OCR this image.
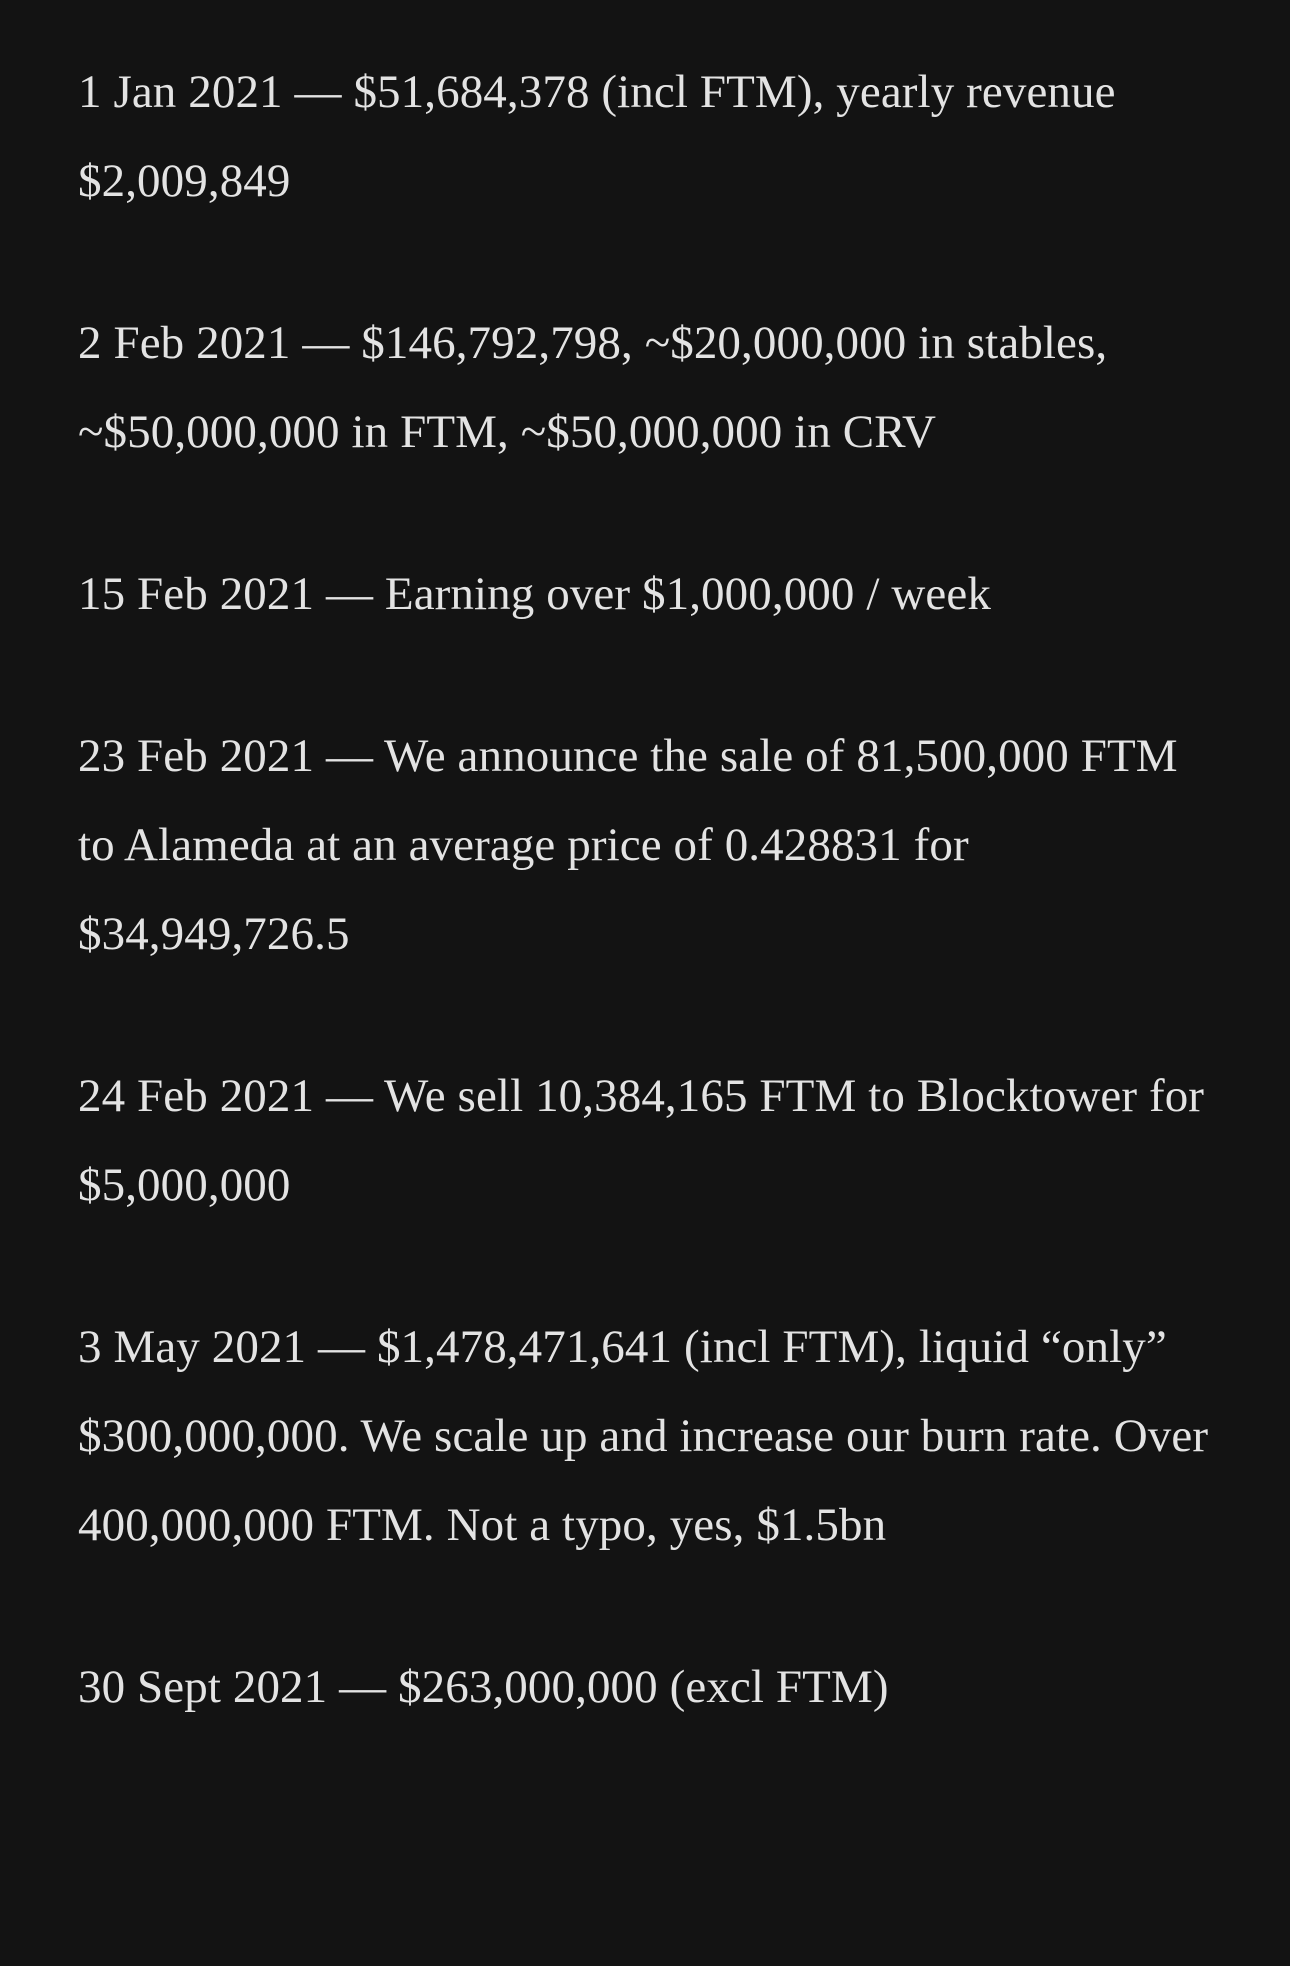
1 Jan 2021 — $51,684,378 (incl FTM), yearly revenue $2,009,849

2 Feb 2021 — $146,792,798, ~$20,000,000 in stables, ~$50,000,000 in FTM, ~$50,000,000 in CRV

15 Feb 2021 — Earning over $1,000,000 / week

23 Feb 2021 — We announce the sale of 81,500,000 FTM to Alameda at an average price of 0.428831 for $34,949,726.5

24 Feb 2021 — We sell 10,384,165 FTM to Blocktower for $5,000,000

3 May 2021 — $1,478,471,641 (incl FTM), liquid “only” $300,000,000. We scale up and increase our burn rate. Over 400,000,000 FTM. Not a typo, yes, $1.5bn

30 Sept 2021 — $263,000,000 (excl FTM)
